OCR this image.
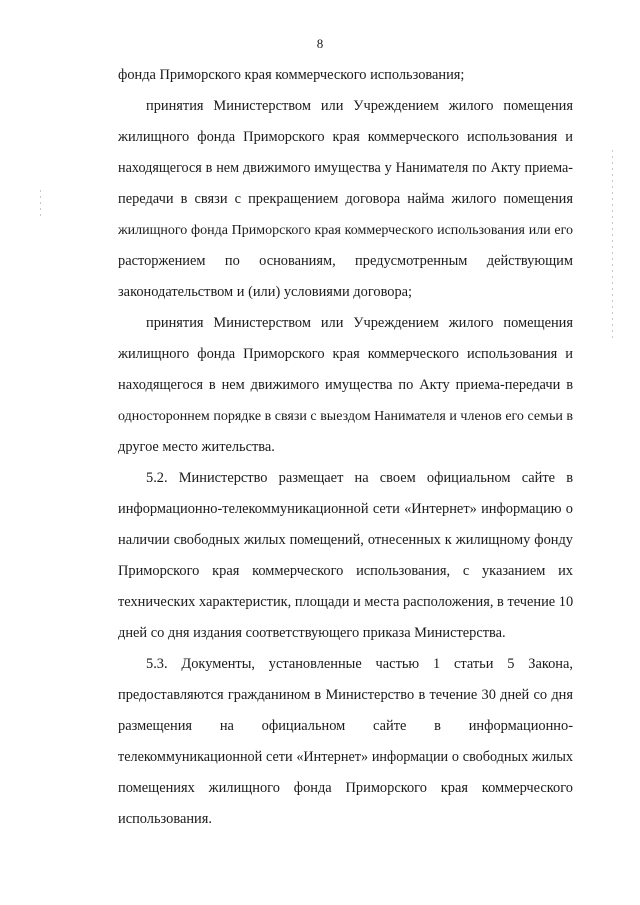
8
фонда Приморского края коммерческого использования;
принятия Министерством или Учреждением жилого помещения
жилищного фонда Приморского края коммерческого использования и
находящегося в нем движимого имущества у Нанимателя по Акту приема-
передачи в связи с прекращением договора найма жилого помещения
жилищного фонда Приморского края коммерческого использования или его
расторжением по основаниям, предусмотренным действующим
законодательством и (или) условиями договора;
принятия Министерством или Учреждением жилого помещения
жилищного фонда Приморского края коммерческого использования и
находящегося в нем движимого имущества по Акту приема-передачи в
одностороннем порядке в связи с выездом Нанимателя и членов его семьи в
другое место жительства.
5.2. Министерство размещает на своем официальном сайте в
информационно-телекоммуникационной сети «Интернет» информацию о
наличии свободных жилых помещений, отнесенных к жилищному фонду
Приморского края коммерческого использования, с указанием их
технических характеристик, площади и места расположения, в течение 10
дней со дня издания соответствующего приказа Министерства.
5.3. Документы, установленные частью 1 статьи 5 Закона,
предоставляются гражданином в Министерство в течение 30 дней со дня
размещения на официальном сайте в информационно-
телекоммуникационной сети «Интернет» информации о свободных жилых
помещениях жилищного фонда Приморского края коммерческого
использования.
